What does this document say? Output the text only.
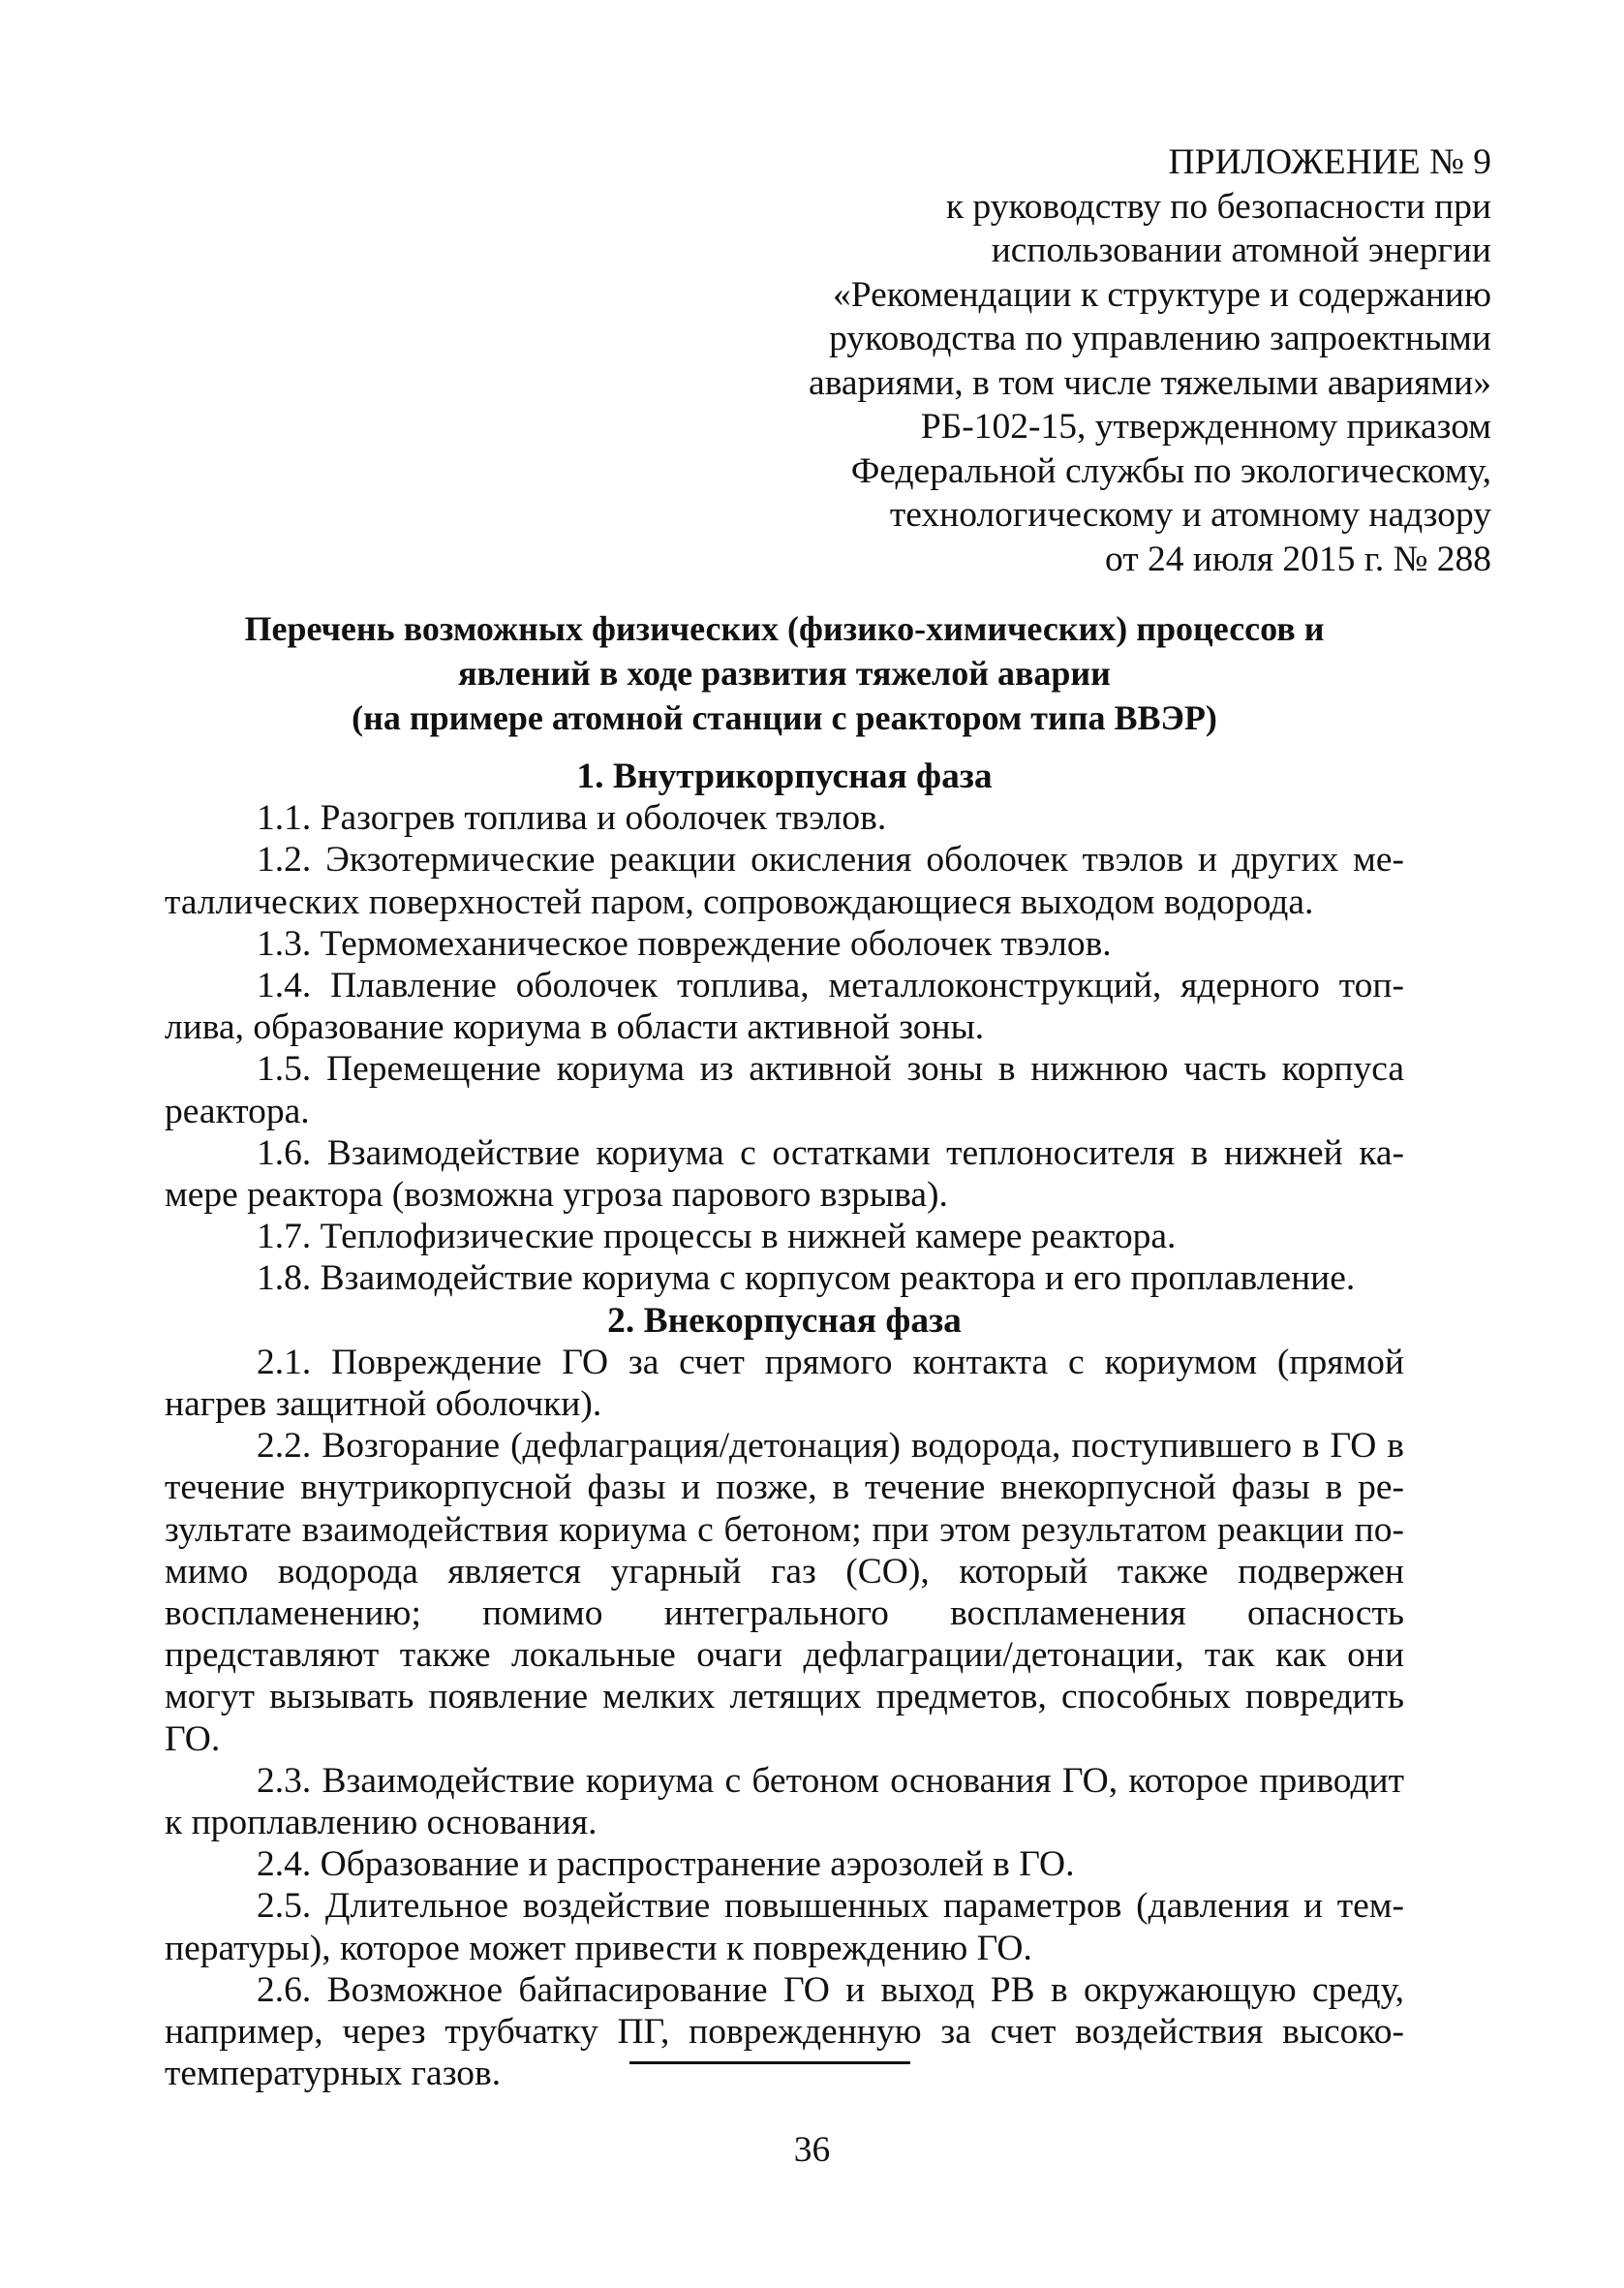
ПРИЛОЖЕНИЕ № 9
к руководству по безопасности при
использовании атомной энергии
«Рекомендации к структуре и содержанию
руководства по управлению запроектными
авариями, в том числе тяжелыми авариями»
РБ-102-15, утвержденному приказом
Федеральной службы по экологическому,
технологическому и атомному надзору
от 24 июля 2015 г. № 288
Перечень возможных физических (физико-химических) процессов и
явлений в ходе развития тяжелой аварии
(на примере атомной станции с реактором типа ВВЭР)
1. Внутрикорпусная фаза

1.1. Разогрев топлива и оболочек твэлов.

1.2. Экзотермические реакции окисления оболочек твэлов и других металлических поверхностей паром, сопровождающиеся выходом водорода.

1.3. Термомеханическое повреждение оболочек твэлов.

1.4. Плавление оболочек топлива, металлоконструкций, ядерного топлива, образование кориума в области активной зоны.

1.5. Перемещение кориума из активной зоны в нижнюю часть корпуса реактора.

1.6. Взаимодействие кориума с остатками теплоносителя в нижней камере реактора (возможна угроза парового взрыва).

1.7. Теплофизические процессы в нижней камере реактора.

1.8. Взаимодействие кориума с корпусом реактора и его проплавление.

2. Внекорпусная фаза

2.1. Повреждение ГО за счет прямого контакта с кориумом (прямой нагрев защитной оболочки).

2.2. Возгорание (дефлаграция/детонация) водорода, поступившего в ГО в течение внутрикорпусной фазы и позже, в течение внекорпусной фазы в результате взаимодействия кориума с бетоном; при этом результатом реакции помимо водорода является угарный газ (СО), который также подвержен воспламенению; помимо интегрального воспламенения опасность представляют также локальные очаги дефлаграции/детонации, так как они могут вызывать появление мелких летящих предметов, способных повредить ГО.

2.3. Взаимодействие кориума с бетоном основания ГО, которое приводит к проплавлению основания.

2.4. Образование и распространение аэрозолей в ГО.

2.5. Длительное воздействие повышенных параметров (давления и температуры), которое может привести к повреждению ГО.

2.6. Возможное байпасирование ГО и выход РВ в окружающую среду, например, через трубчатку ПГ, поврежденную за счет воздействия высокотемпературных газов.

36
